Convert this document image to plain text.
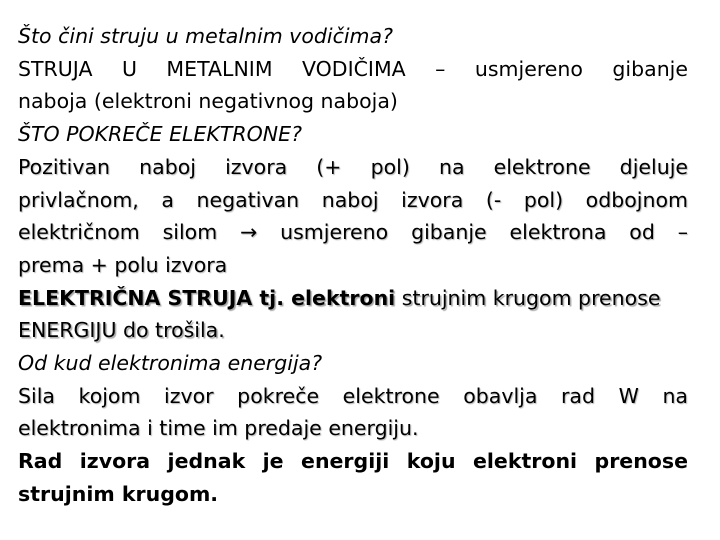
Što čini struju u metalnim vodičima?

STRUJA U METALNIM VODIČIMA – usmjereno gibanje

naboja (elektroni negativnog naboja)

ŠTO POKREČE ELEKTRONE?

Pozitivan naboj izvora (+ pol) na elektrone djeluje

privlačnom, a negativan naboj izvora (- pol) odbojnom

električnom silom → usmjereno gibanje elektrona od –

prema + polu izvora

ELEKTRIČNA STRUJA tj. elektroni strujnim krugom prenose

ENERGIJU do trošila.

Od kud elektronima energija?

Sila kojom izvor pokreče elektrone obavlja rad W na

elektronima i time im predaje energiju.

Rad izvora jednak je energiji koju elektroni prenose

strujnim krugom.
